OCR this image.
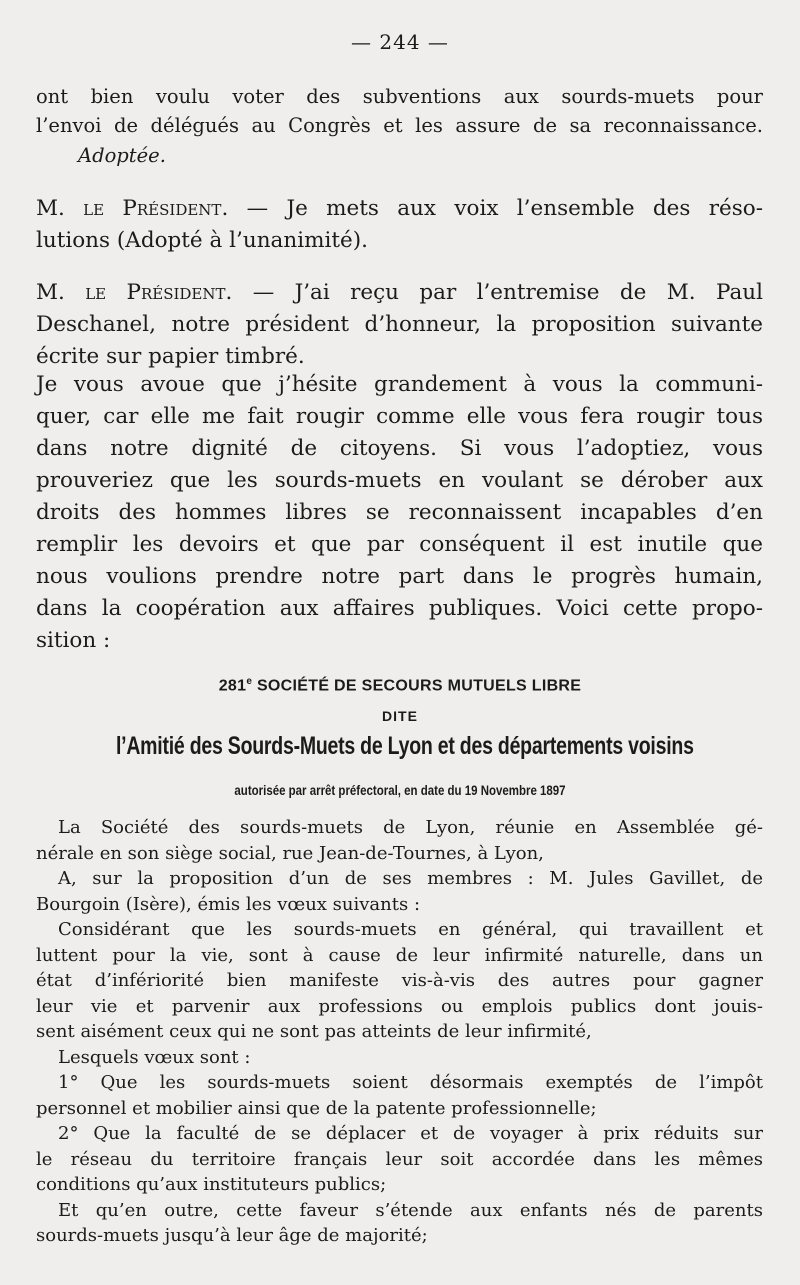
— 244 —
ont bien voulu voter des subventions aux sourds-muets pour
l’envoi de délégués au Congrès et les assure de sa reconnaissance.
Adoptée.
M. le Président. — Je mets aux voix l’ensemble des réso-
lutions (Adopté à l’unanimité).
M. le Président. — J’ai reçu par l’entremise de M. Paul
Deschanel, notre président d’honneur, la proposition suivante
écrite sur papier timbré.
Je vous avoue que j’hésite grandement à vous la communi-
quer, car elle me fait rougir comme elle vous fera rougir tous
dans notre dignité de citoyens. Si vous l’adoptiez, vous
prouveriez que les sourds-muets en voulant se dérober aux
droits des hommes libres se reconnaissent incapables d’en
remplir les devoirs et que par conséquent il est inutile que
nous voulions prendre notre part dans le progrès humain,
dans la coopération aux affaires publiques. Voici cette propo-
sition :
281e SOCIÉTÉ DE SECOURS MUTUELS LIBRE
DITE
l’Amitié des Sourds-Muets de Lyon et des départements voisins
autorisée par arrêt préfectoral, en date du 19 Novembre 1897
La Société des sourds-muets de Lyon, réunie en Assemblée gé-
nérale en son siège social, rue Jean-de-Tournes, à Lyon,
A, sur la proposition d’un de ses membres : M. Jules Gavillet, de
Bourgoin (Isère), émis les vœux suivants :
Considérant que les sourds-muets en général, qui travaillent et
luttent pour la vie, sont à cause de leur infirmité naturelle, dans un
état d’infériorité bien manifeste vis-à-vis des autres pour gagner
leur vie et parvenir aux professions ou emplois publics dont jouis-
sent aisément ceux qui ne sont pas atteints de leur infirmité,
Lesquels vœux sont :
1° Que les sourds-muets soient désormais exemptés de l’impôt
personnel et mobilier ainsi que de la patente professionnelle;
2° Que la faculté de se déplacer et de voyager à prix réduits sur
le réseau du territoire français leur soit accordée dans les mêmes
conditions qu’aux instituteurs publics;
Et qu’en outre, cette faveur s’étende aux enfants nés de parents
sourds-muets jusqu’à leur âge de majorité;
